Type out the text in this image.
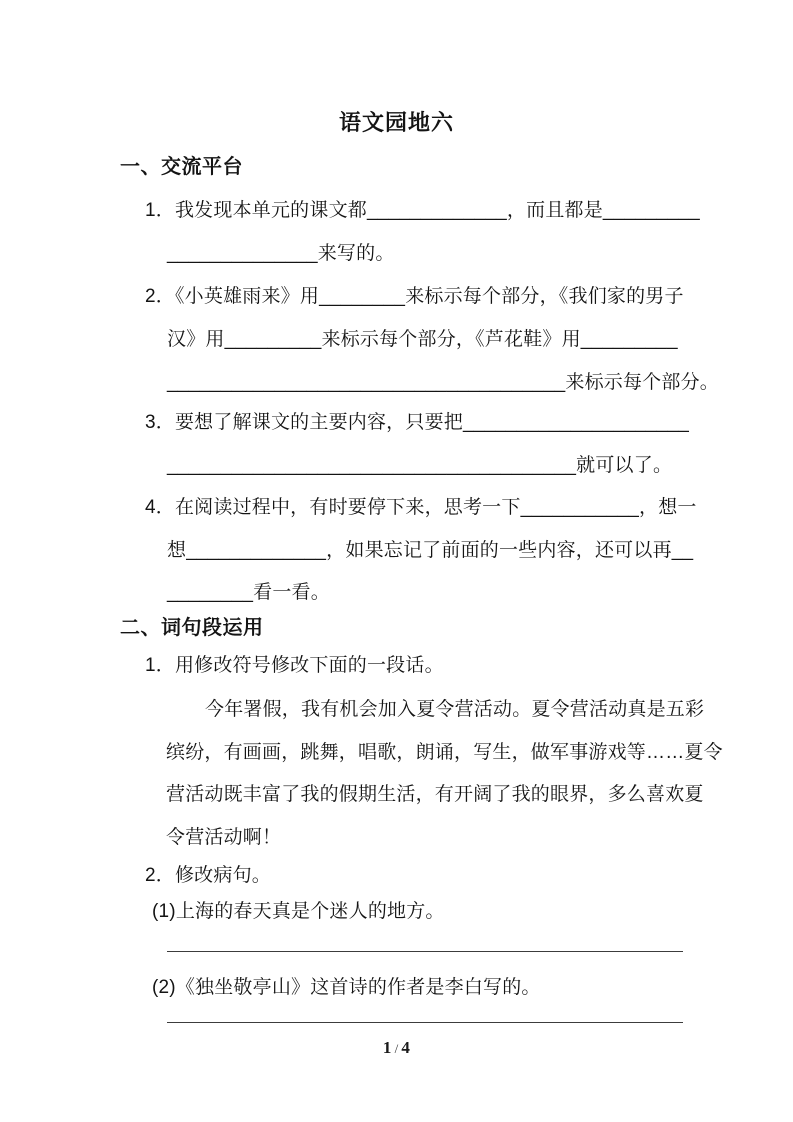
语文园地六
一、交流平台
1．我发现本单元的课文都_____________，而且都是_________
______________来写的。
2．《小英雄雨来》用________来标示每个部分，《我们家的男子
汉》用_________来标示每个部分，《芦花鞋》用_________
_____________________________________来标示每个部分。
3．要想了解课文的主要内容，只要把_____________________
______________________________________就可以了。
4．在阅读过程中，有时要停下来，思考一下___________，想一
想_____________，如果忘记了前面的一些内容，还可以再__
________看一看。
二、词句段运用
1．用修改符号修改下面的一段话。
今年署假，我有机会加入夏令营活动。夏令营活动真是五彩
缤纷，有画画，跳舞，唱歌，朗诵，写生，做军事游戏等……夏令
营活动既丰富了我的假期生活，有开阔了我的眼界，多么喜欢夏
令营活动啊！
2．修改病句。
(1)上海的春天真是个迷人的地方。
(2)《独坐敬亭山》这首诗的作者是李白写的。
1 / 4
